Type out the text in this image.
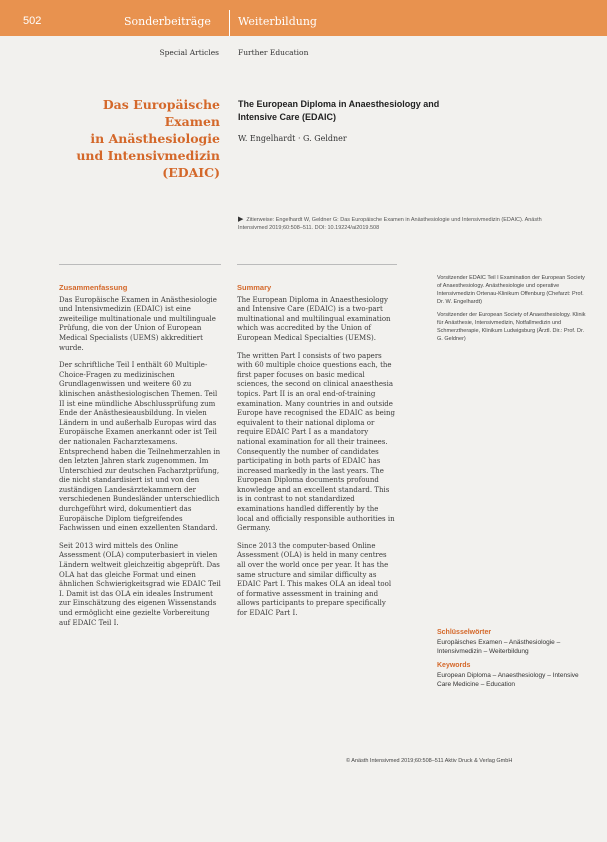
502	Sonderbeiträge Weiterbildung
Special Articles	Further Education
Das Europäische Examen
in Anästhesiologie
und Intensivmedizin
(EDAIC)
The European Diploma in Anaesthesiology and
Intensive Care (EDAIC)
W. Engelhardt · G. Geldner
▶ Zitierweise: Engelhardt W, Geldner G: Das Europäische Examen in Anästhesiologie und Intensivmedizin (EDAIC). Anästh Intensivmed 2019;60:508–511. DOI: 10.19224/ai2019.508
Zusammenfassung

Das Europäische Examen in Anästhesiologie und Intensivmedizin (EDAIC) ist eine zweiteilige multinationale und multilinguale Prüfung, die von der Union of European Medical Specialists (UEMS) akkreditiert wurde.

Der schriftliche Teil I enthält 60 Multiple-Choice-Fragen zu medizinischen Grundlagenwissen und weitere 60 zu klinischen anästhesiologischen Themen. Teil II ist eine mündliche Abschlussprüfung zum Ende der Anästhesieausbildung. In vielen Ländern in und außerhalb Europas wird das Europäische Examen anerkannt oder ist Teil der nationalen Facharztexamens. Entsprechend haben die Teilnehmerzahlen in den letzten Jahren stark zugenommen. Im Unterschied zur deutschen Facharztprüfung, die nicht standardisiert ist und von den zuständigen Landesärztekammern der verschiedenen Bundesländer unterschiedlich durchgeführt wird, dokumentiert das Europäische Diplom tiefgreifendes Fachwissen und einen exzellenten Standard.

Seit 2013 wird mittels des Online Assessment (OLA) computerbasiert in vielen Ländern weltweit gleichzeitig abgeprüft. Das OLA hat das gleiche Format und einen ähnlichen Schwierigkeitsgrad wie EDAIC Teil I. Damit ist das OLA ein ideales Instrument zur Einschätzung des eigenen Wissenstands und ermöglicht eine gezielte Vorbereitung auf EDAIC Teil I.

Summary

The European Diploma in Anaesthesiology and Intensive Care (EDAIC) is a two-part multinational and multilingual examination which was accredited by the Union of European Medical Specialties (UEMS).

The written Part I consists of two papers with 60 multiple choice questions each, the first paper focuses on basic medical sciences, the second on clinical anaesthesia topics. Part II is an oral end-of-training examination. Many countries in and outside Europe have recognised the EDAIC as being equivalent to their national diploma or require EDAIC Part I as a mandatory national examination for all their trainees. Consequently the number of candidates participating in both parts of EDAIC has increased markedly in the last years. The European Diploma documents profound knowledge and an excellent standard. This is in contrast to not standardized examinations handled differently by the local and officially responsible authorities in Germany.

Since 2013 the computer-based Online Assessment (OLA) is held in many centres all over the world once per year. It has the same structure and similar difficulty as EDAIC Part I. This makes OLA an ideal tool of formative assessment in training and allows participants to prepare specifically for EDAIC Part I.

Vorsitzender EDAIC Teil I Examination der European Society of Anaesthesiology. Anästhesiologie und operative Intensivmedizin Ortenau-Klinikum Offenburg (Chefarzt: Prof. Dr. W. Engelhardt)

Vorsitzender der European Society of Anaesthesiology. Klinik für Anästhesie, Intensivmedizin, Notfallmedizin und Schmerztherapie, Klinikum Ludwigsburg (Ärztl. Dir.: Prof. Dr. G. Geldner)

Schlüsselwörter

Europäisches Examen – Anästhesiologie – Intensivmedizin – Weiterbildung

Keywords

European Diploma – Anaesthesiology – Intensive Care Medicine – Education

© Anästh Intensivmed 2019;60:508–511 Aktiv Druck & Verlag GmbH
